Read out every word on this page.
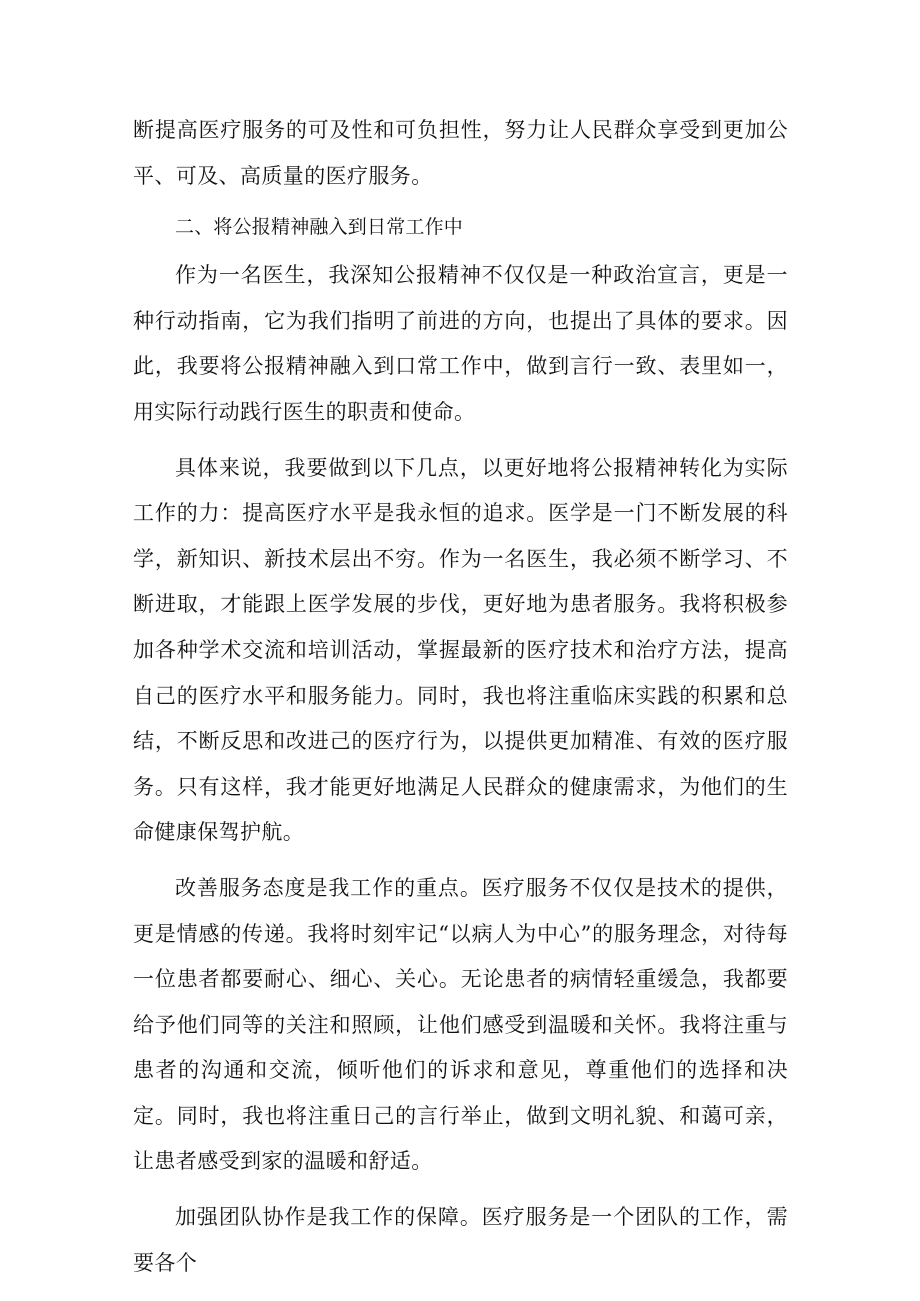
断提高医疗服务的可及性和可负担性，努力让人民群众享受到更加公平、可及、高质量的医疗服务。

二、将公报精神融入到日常工作中

作为一名医生，我深知公报精神不仅仅是一种政治宣言，更是一种行动指南，它为我们指明了前进的方向，也提出了具体的要求。因此，我要将公报精神融入到口常工作中，做到言行一致、表里如一，用实际行动践行医生的职责和使命。

具体来说，我要做到以下几点，以更好地将公报精神转化为实际工作的力：提高医疗水平是我永恒的追求。医学是一门不断发展的科学，新知识、新技术层出不穷。作为一名医生，我必须不断学习、不断进取，才能跟上医学发展的步伐，更好地为患者服务。我将积极参加各种学术交流和培训活动，掌握最新的医疗技术和治疗方法，提高自己的医疗水平和服务能力。同时，我也将注重临床实践的积累和总结，不断反思和改进己的医疗行为，以提供更加精准、有效的医疗服务。只有这样，我才能更好地满足人民群众的健康需求，为他们的生命健康保驾护航。

改善服务态度是我工作的重点。医疗服务不仅仅是技术的提供，更是情感的传递。我将时刻牢记“以病人为中心”的服务理念，对待每一位患者都要耐心、细心、关心。无论患者的病情轻重缓急，我都要给予他们同等的关注和照顾，让他们感受到温暖和关怀。我将注重与患者的沟通和交流，倾听他们的诉求和意见，尊重他们的选择和决定。同时，我也将注重日己的言行举止，做到文明礼貌、和蔼可亲，让患者感受到家的温暖和舒适。

加强团队协作是我工作的保障。医疗服务是一个团队的工作，需要各个
